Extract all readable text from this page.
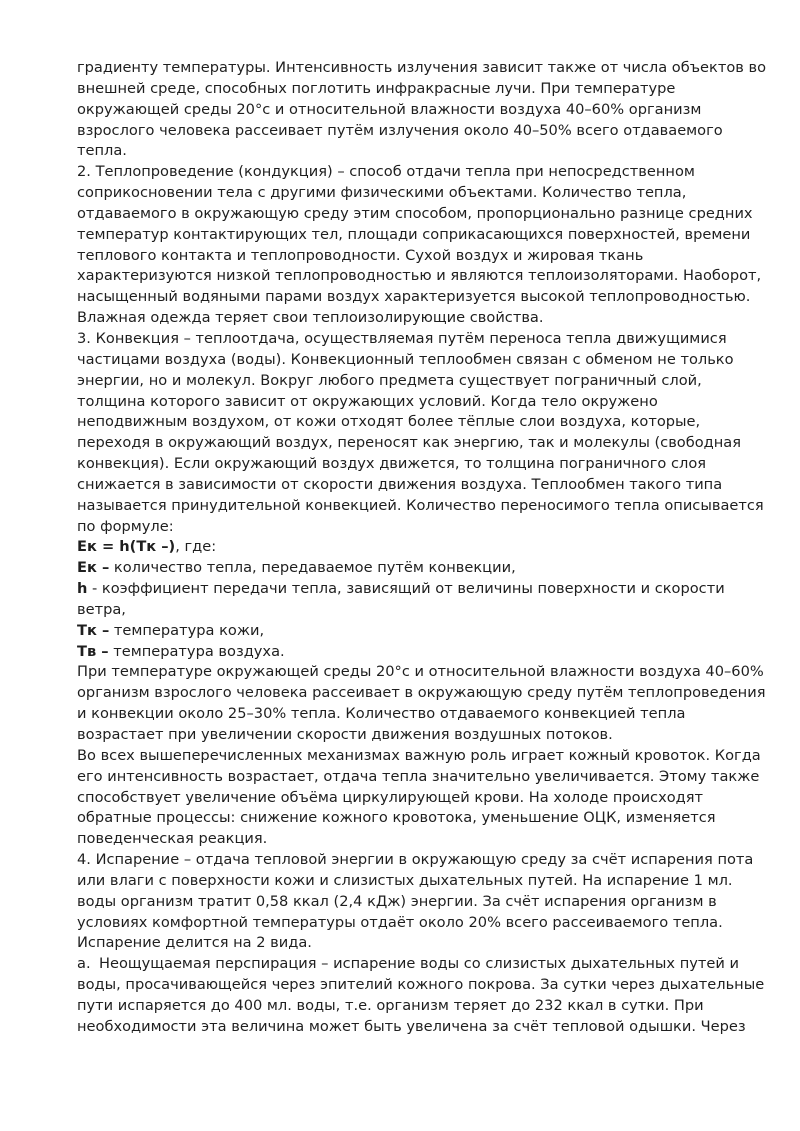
градиенту температуры. Интенсивность излучения зависит также от числа объектов во внешней среде, способных поглотить инфракрасные лучи. При температуре окружающей среды 20°с и относительной влажности воздуха 40–60% организм взрослого человека рассеивает путём излучения около 40–50% всего отдаваемого тепла.

2. Теплопроведение (кондукция) – способ отдачи тепла при непосредственном соприкосновении тела с другими физическими объектами. Количество тепла, отдаваемого в окружающую среду этим способом, пропорционально разнице средних температур контактирующих тел, площади соприкасающихся поверхностей, времени теплового контакта и теплопроводности. Сухой воздух и жировая ткань характеризуются низкой теплопроводностью и являются теплоизоляторами. Наоборот, насыщенный водяными парами воздух характеризуется высокой теплопроводностью. Влажная одежда теряет свои теплоизолирующие свойства.

3. Конвекция – теплоотдача, осуществляемая путём переноса тепла движущимися частицами воздуха (воды). Конвекционный теплообмен связан с обменом не только энергии, но и молекул. Вокруг любого предмета существует пограничный слой, толщина которого зависит от окружающих условий. Когда тело окружено неподвижным воздухом, от кожи отходят более тёплые слои воздуха, которые, переходя в окружающий воздух, переносят как энергию, так и молекулы (свободная конвекция). Если окружающий воздух движется, то толщина пограничного слоя снижается в зависимости от скорости движения воздуха. Теплообмен такого типа называется принудительной конвекцией. Количество переносимого тепла описывается по формуле:

Eк = h(Tк –), где:

Eк – количество тепла, передаваемое путём конвекции,

h - коэффициент передачи тепла, зависящий от величины поверхности и скорости ветра,

Tк – температура кожи,

Tв – температура воздуха.

При температуре окружающей среды 20°с и относительной влажности воздуха 40–60% организм взрослого человека рассеивает в окружающую среду путём теплопроведения и конвекции около 25–30% тепла. Количество отдаваемого конвекцией тепла возрастает при увеличении скорости движения воздушных потоков.

Во всех вышеперечисленных механизмах важную роль играет кожный кровоток. Когда его интенсивность возрастает, отдача тепла значительно увеличивается. Этому также способствует увеличение объёма циркулирующей крови. На холоде происходят обратные процессы: снижение кожного кровотока, уменьшение ОЦК, изменяется поведенческая реакция.

4. Испарение – отдача тепловой энергии в окружающую среду за счёт испарения пота или влаги с поверхности кожи и слизистых дыхательных путей. На испарение 1 мл. воды организм тратит 0,58 ккал (2,4 кДж) энергии. За счёт испарения организм в условиях комфортной температуры отдаёт около 20% всего рассеиваемого тепла. Испарение делится на 2 вида.

a. Неощущаемая перспирация – испарение воды со слизистых дыхательных путей и воды, просачивающейся через эпителий кожного покрова. За сутки через дыхательные пути испаряется до 400 мл. воды, т.е. организм теряет до 232 ккал в сутки. При необходимости эта величина может быть увеличена за счёт тепловой одышки. Через
